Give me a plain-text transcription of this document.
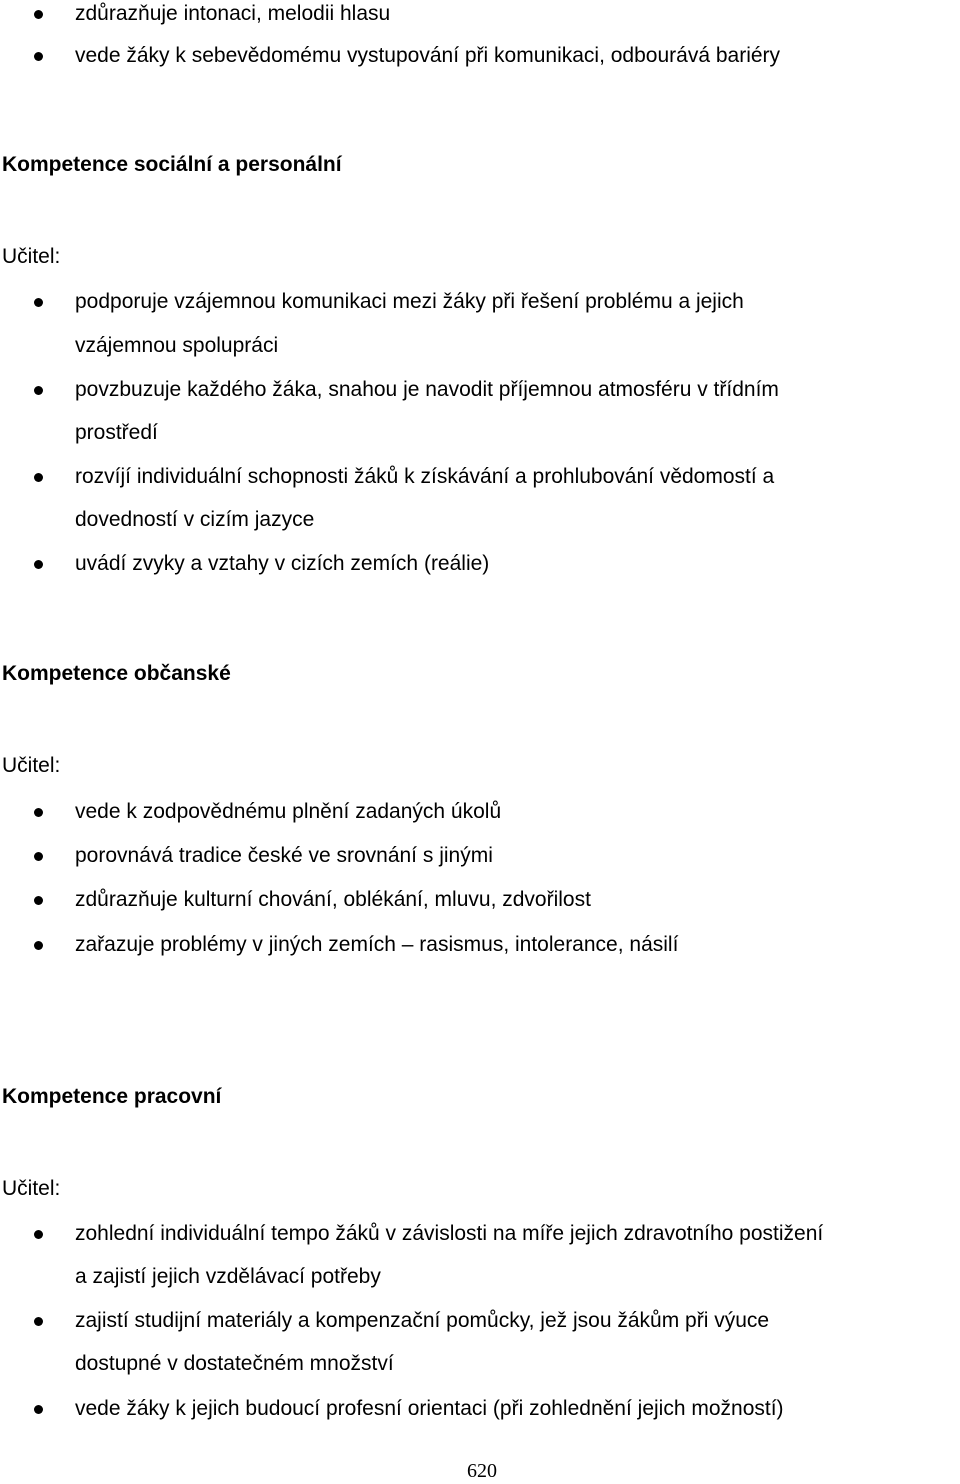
zdůrazňuje intonaci, melodii hlasu

vede žáky k sebevědomému vystupování při komunikaci, odbourává bariéry

Kompetence sociální a personální

Učitel:

podporuje vzájemnou komunikaci mezi žáky při řešení problému a jejich

vzájemnou spolupráci

povzbuzuje každého žáka, snahou je navodit příjemnou atmosféru v třídním

prostředí

rozvíjí individuální schopnosti žáků k získávání a prohlubování vědomostí a

dovedností v cizím jazyce

uvádí zvyky a vztahy v cizích zemích (reálie)

Kompetence občanské

Učitel:

vede k zodpovědnému plnění zadaných úkolů

porovnává tradice české ve srovnání s jinými

zdůrazňuje kulturní chování, oblékání, mluvu, zdvořilost

zařazuje problémy v jiných zemích – rasismus, intolerance, násilí

Kompetence pracovní

Učitel:

zohlední individuální tempo žáků v závislosti na míře jejich zdravotního postižení

a zajistí jejich vzdělávací potřeby

zajistí studijní materiály a kompenzační pomůcky, jež jsou žákům při výuce

dostupné v dostatečném množství

vede žáky k jejich budoucí profesní orientaci (při zohlednění jejich možností)

620
